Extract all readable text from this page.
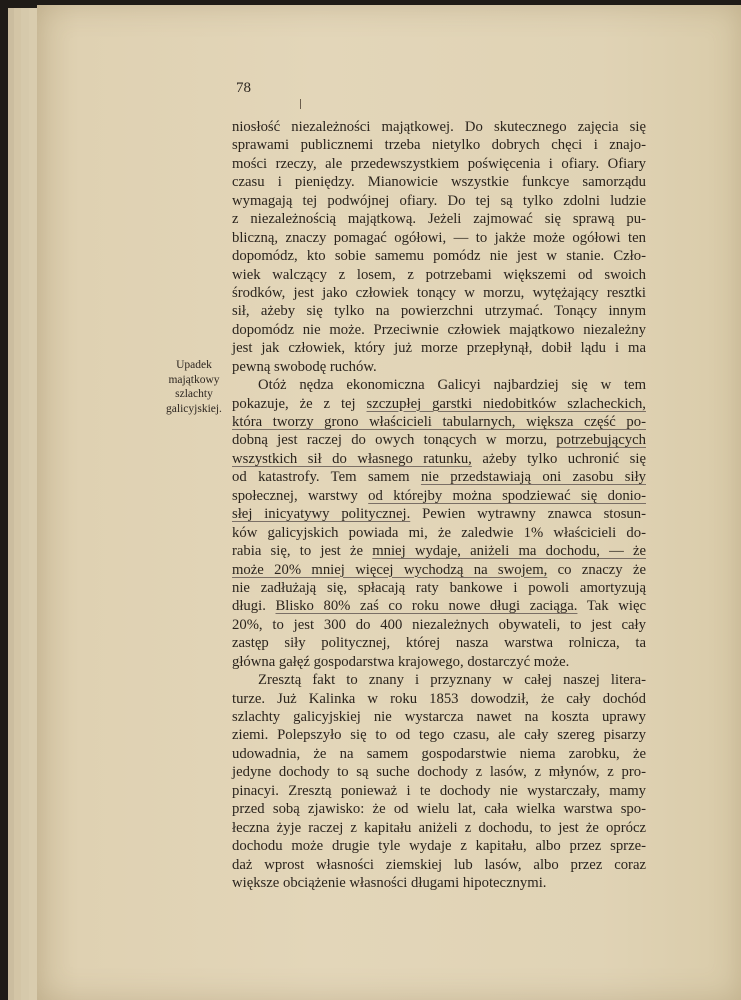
78
Upadek
majątkowy
szlachty
galicyjskiej.
niosłość niezależności majątkowej. Do skutecznego zajęcia się
sprawami publicznemi trzeba nietylko dobrych chęci i znajo-
mości rzeczy, ale przedewszystkiem poświęcenia i ofiary. Ofiary
czasu i pieniędzy. Mianowicie wszystkie funkcye samorządu
wymagają tej podwójnej ofiary. Do tej są tylko zdolni ludzie
z niezależnością majątkową. Jeżeli zajmować się sprawą pu-
bliczną, znaczy pomagać ogółowi, — to jakże może ogółowi ten
dopomódz, kto sobie samemu pomódz nie jest w stanie. Czło-
wiek walczący z losem, z potrzebami większemi od swoich
środków, jest jako człowiek tonący w morzu, wytężający resztki
sił, ażeby się tylko na powierzchni utrzymać. Tonący innym
dopomódz nie może. Przeciwnie człowiek majątkowo niezależny
jest jak człowiek, który już morze przepłynął, dobił lądu i ma
pewną swobodę ruchów.
Otóż nędza ekonomiczna Galicyi najbardziej się w tem
pokazuje, że z tej szczupłej garstki niedobitków szlacheckich,
która tworzy grono właścicieli tabularnych, większa część po-
dobną jest raczej do owych tonących w morzu, potrzebujących
wszystkich sił do własnego ratunku, ażeby tylko uchronić się
od katastrofy. Tem samem nie przedstawiają oni zasobu siły
społecznej, warstwy od którejby można spodziewać się donio-
słej inicyatywy politycznej. Pewien wytrawny znawca stosun-
ków galicyjskich powiada mi, że zaledwie 1% właścicieli do-
rabia się, to jest że mniej wydaje, aniżeli ma dochodu, — że
może 20% mniej więcej wychodzą na swojem, co znaczy że
nie zadłużają się, spłacają raty bankowe i powoli amortyzują
długi. Blisko 80% zaś co roku nowe długi zaciąga. Tak więc
20%, to jest 300 do 400 niezależnych obywateli, to jest cały
zastęp siły politycznej, której nasza warstwa rolnicza, ta
główna gałęź gospodarstwa krajowego, dostarczyć może.
Zresztą fakt to znany i przyznany w całej naszej litera-
turze. Już Kalinka w roku 1853 dowodził, że cały dochód
szlachty galicyjskiej nie wystarcza nawet na koszta uprawy
ziemi. Polepszyło się to od tego czasu, ale cały szereg pisarzy
udowadnia, że na samem gospodarstwie niema zarobku, że
jedyne dochody to są suche dochody z lasów, z młynów, z pro-
pinacyi. Zresztą ponieważ i te dochody nie wystarczały, mamy
przed sobą zjawisko: że od wielu lat, cała wielka warstwa spo-
łeczna żyje raczej z kapitału aniżeli z dochodu, to jest że oprócz
dochodu może drugie tyle wydaje z kapitału, albo przez sprze-
daż wprost własności ziemskiej lub lasów, albo przez coraz
większe obciążenie własności długami hipotecznymi.
